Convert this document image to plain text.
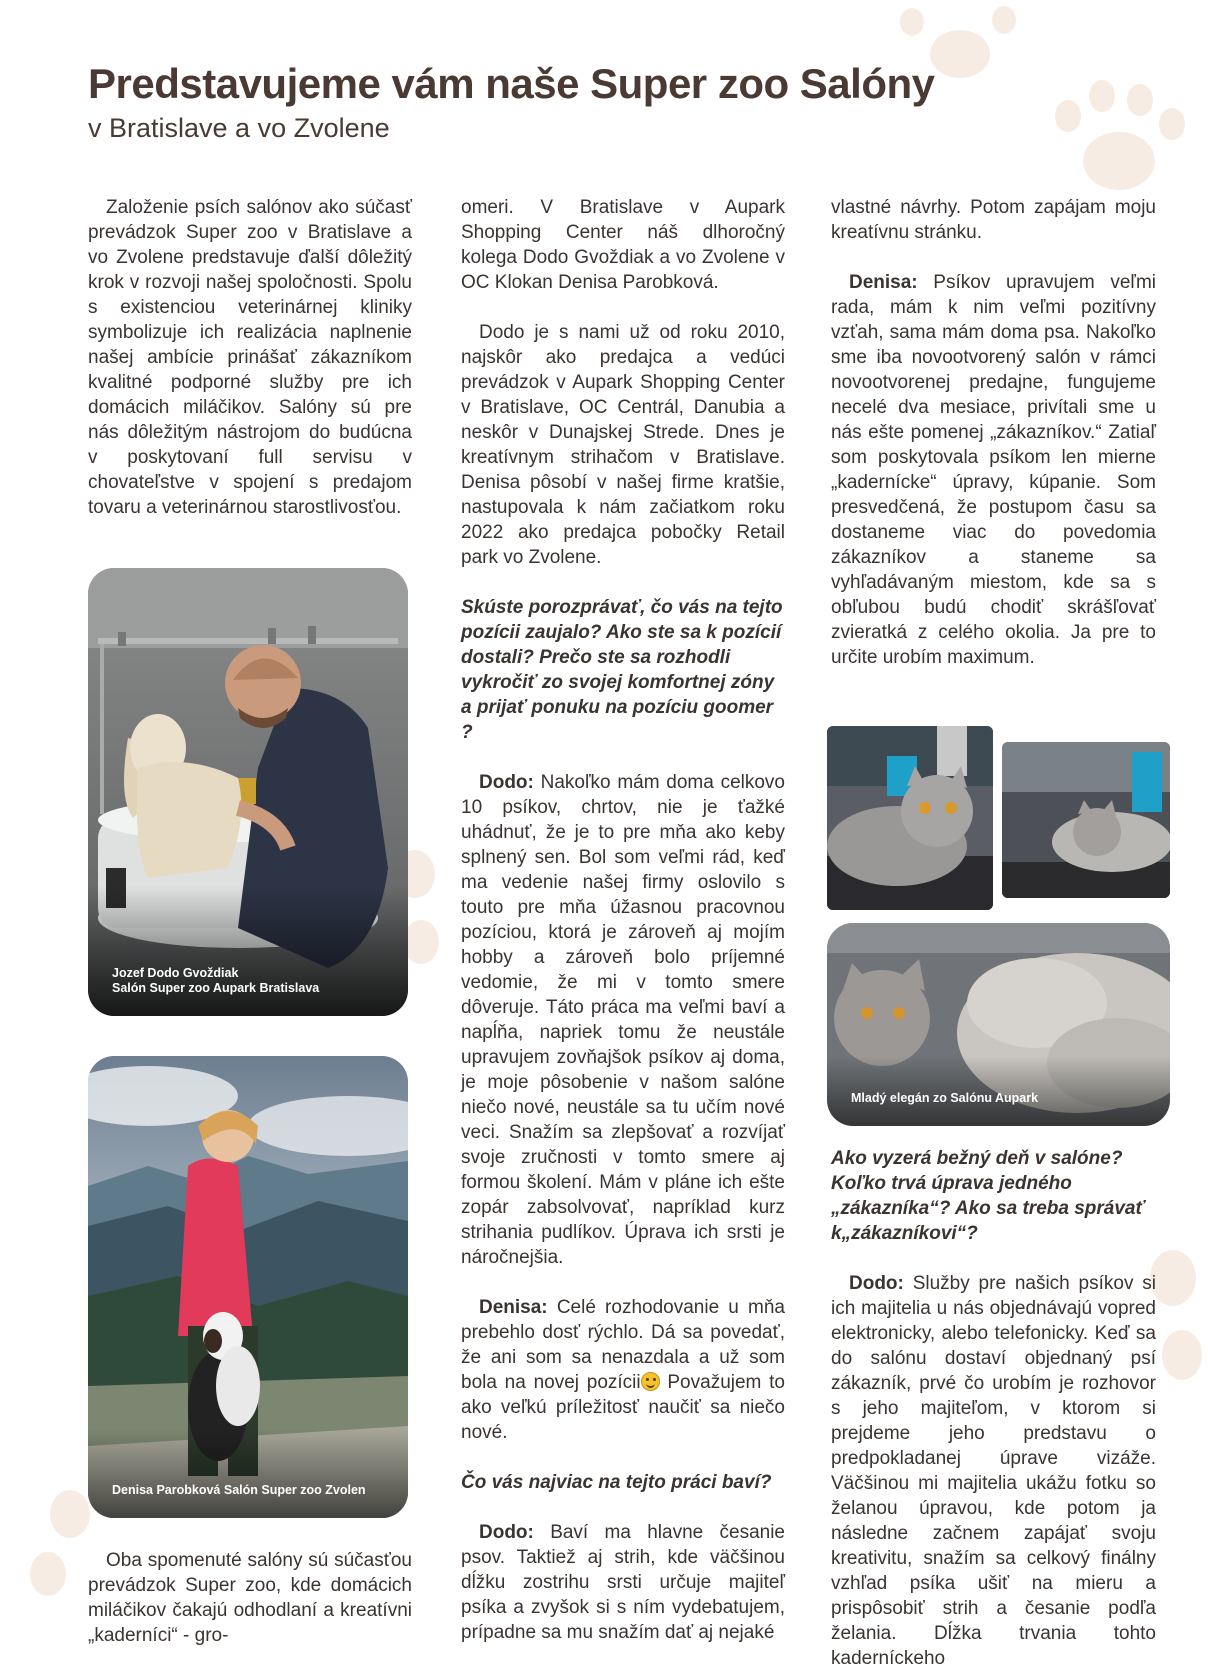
Predstavujeme vám naše Super zoo Salóny
v Bratislave a vo Zvolene

Založenie psích salónov ako súčasť prevádzok Super zoo v Bratislave a vo Zvolene predstavuje ďalší dôležitý krok v rozvoji našej spoločnosti. Spolu s existenciou veterinárnej kliniky symbolizuje ich realizácia naplnenie našej ambície prinášať zákazníkom kvalitné podporné služby pre ich domácich miláčikov. Salóny sú pre nás dôležitým nástrojom do budúcna v poskytovaní full servisu v chovateľstve v spojení s predajom tovaru a veterinárnou starostlivosťou.

Jozef Dodo Gvoždiak
Salón Super zoo Aupark Bratislava
Denisa Parobková Salón Super zoo Zvolen

Oba spomenuté salóny sú súčasťou prevádzok Super zoo, kde domácich miláčikov čakajú odhodlaní a kreatívni „kaderníci“ - gro-

omeri. V Bratislave v Aupark Shopping Center náš dlhoročný kolega Dodo Gvoždiak a vo Zvolene v OC Klokan Denisa Parobková.

Dodo je s nami už od roku 2010, najskôr ako predajca a vedúci prevádzok v Aupark Shopping Center v Bratislave, OC Centrál, Danubia a neskôr v Dunajskej Strede. Dnes je kreatívnym strihačom v Bratislave. Denisa pôsobí v našej firme kratšie, nastupovala k nám začiatkom roku 2022 ako predajca pobočky Retail park vo Zvolene.

Skúste porozprávať, čo vás na tejto pozícii zaujalo? Ako ste sa k pozícií dostali? Prečo ste sa rozhodli vykročiť zo svojej komfortnej zóny a prijať ponuku na pozíciu goomer ?

Dodo: Nakoľko mám doma celkovo 10 psíkov, chrtov, nie je ťažké uhádnuť, že je to pre mňa ako keby splnený sen. Bol som veľmi rád, keď ma vedenie našej firmy oslovilo s touto pre mňa úžasnou pracovnou pozíciou, ktorá je zároveň aj mojím hobby a zároveň bolo príjemné vedomie, že mi v tomto smere dôveruje. Táto práca ma veľmi baví a napĺňa, napriek tomu že neustále upravujem zovňajšok psíkov aj doma, je moje pôsobenie v našom salóne niečo nové, neustále sa tu učím nové veci. Snažím sa zlepšovať a rozvíjať svoje zručnosti v tomto smere aj formou školení. Mám v pláne ich ešte zopár zabsolvovať, napríklad kurz strihania pudlíkov. Úprava ich srsti je náročnejšia.

Denisa: Celé rozhodovanie u mňa prebehlo dosť rýchlo. Dá sa povedať, že ani som sa nenazdala a už som bola na novej pozícii Považujem to ako veľkú príležitosť naučiť sa niečo nové.

Čo vás najviac na tejto práci baví?

Dodo: Baví ma hlavne česanie psov. Taktiež aj strih, kde väčšinou dĺžku zostrihu srsti určuje majiteľ psíka a zvyšok si s ním vydebatujem, prípadne sa mu snažím dať aj nejaké

vlastné návrhy. Potom zapájam moju kreatívnu stránku.

Denisa: Psíkov upravujem veľmi rada, mám k nim veľmi pozitívny vzťah, sama mám doma psa. Nakoľko sme iba novootvorený salón v rámci novootvorenej predajne, fungujeme necelé dva mesiace, privítali sme u nás ešte pomenej „zákazníkov.“ Zatiaľ som poskytovala psíkom len mierne „kadernícke“ úpravy, kúpanie. Som presvedčená, že postupom času sa dostaneme viac do povedomia zákazníkov a staneme sa vyhľadávaným miestom, kde sa s obľubou budú chodiť skrášľovať zvieratká z celého okolia. Ja pre to určite urobím maximum.

Mladý elegán zo Salónu Aupark

Ako vyzerá bežný deň v salóne? Koľko trvá úprava jedného „zákazníka“? Ako sa treba správať k„zákazníkovi“?

Dodo: Služby pre našich psíkov si ich majitelia u nás objednávajú vopred elektronicky, alebo telefonicky. Keď sa do salónu dostaví objednaný psí zákazník, prvé čo urobím je rozhovor s jeho majiteľom, v ktorom si prejdeme jeho predstavu o predpokladanej úprave vizáže. Väčšinou mi majitelia ukážu fotku so želanou úpravou, kde potom ja následne začnem zapájať svoju kreativitu, snažím sa celkový finálny vzhľad psíka ušiť na mieru a prispôsobiť strih a česanie podľa želania. Dĺžka trvania tohto kaderníckeho
